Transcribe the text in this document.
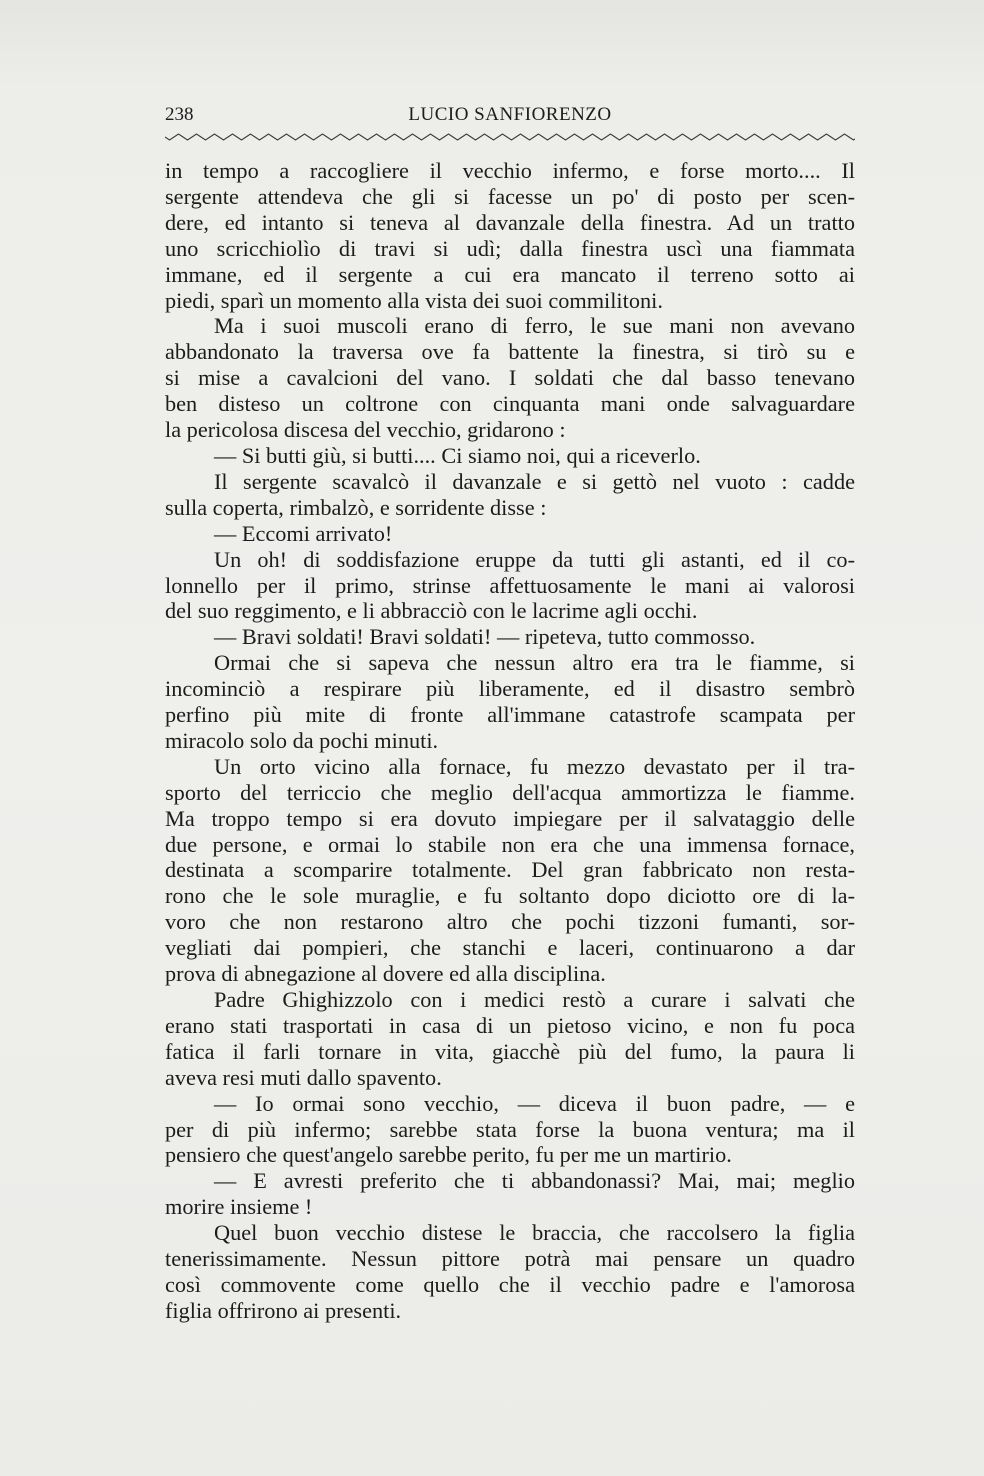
238	LUCIO SANFIORENZO
in tempo a raccogliere il vecchio infermo, e forse morto.... Il
sergente attendeva che gli si facesse un po' di posto per scen-
dere, ed intanto si teneva al davanzale della finestra. Ad un tratto
uno scricchiolìo di travi si udì; dalla finestra uscì una fiammata
immane, ed il sergente a cui era mancato il terreno sotto ai
piedi, sparì un momento alla vista dei suoi commilitoni.
Ma i suoi muscoli erano di ferro, le sue mani non avevano
abbandonato la traversa ove fa battente la finestra, si tirò su e
si mise a cavalcioni del vano. I soldati che dal basso tenevano
ben disteso un coltrone con cinquanta mani onde salvaguardare
la pericolosa discesa del vecchio, gridarono :
— Si butti giù, si butti.... Ci siamo noi, qui a riceverlo.
Il sergente scavalcò il davanzale e si gettò nel vuoto : cadde
sulla coperta, rimbalzò, e sorridente disse :
— Eccomi arrivato!
Un oh! di soddisfazione eruppe da tutti gli astanti, ed il co-
lonnello per il primo, strinse affettuosamente le mani ai valorosi
del suo reggimento, e li abbracciò con le lacrime agli occhi.
— Bravi soldati! Bravi soldati! — ripeteva, tutto commosso.
Ormai che si sapeva che nessun altro era tra le fiamme, si
incominciò a respirare più liberamente, ed il disastro sembrò
perfino più mite di fronte all'immane catastrofe scampata per
miracolo solo da pochi minuti.
Un orto vicino alla fornace, fu mezzo devastato per il tra-
sporto del terriccio che meglio dell'acqua ammortizza le fiamme.
Ma troppo tempo si era dovuto impiegare per il salvataggio delle
due persone, e ormai lo stabile non era che una immensa fornace,
destinata a scomparire totalmente. Del gran fabbricato non resta-
rono che le sole muraglie, e fu soltanto dopo diciotto ore di la-
voro che non restarono altro che pochi tizzoni fumanti, sor-
vegliati dai pompieri, che stanchi e laceri, continuarono a dar
prova di abnegazione al dovere ed alla disciplina.
Padre Ghighizzolo con i medici restò a curare i salvati che
erano stati trasportati in casa di un pietoso vicino, e non fu poca
fatica il farli tornare in vita, giacchè più del fumo, la paura li
aveva resi muti dallo spavento.
— Io ormai sono vecchio, — diceva il buon padre, — e
per di più infermo; sarebbe stata forse la buona ventura; ma il
pensiero che quest'angelo sarebbe perito, fu per me un martirio.
— E avresti preferito che ti abbandonassi? Mai, mai; meglio
morire insieme !
Quel buon vecchio distese le braccia, che raccolsero la figlia
tenerissimamente. Nessun pittore potrà mai pensare un quadro
così commovente come quello che il vecchio padre e l'amorosa
figlia offrirono ai presenti.
